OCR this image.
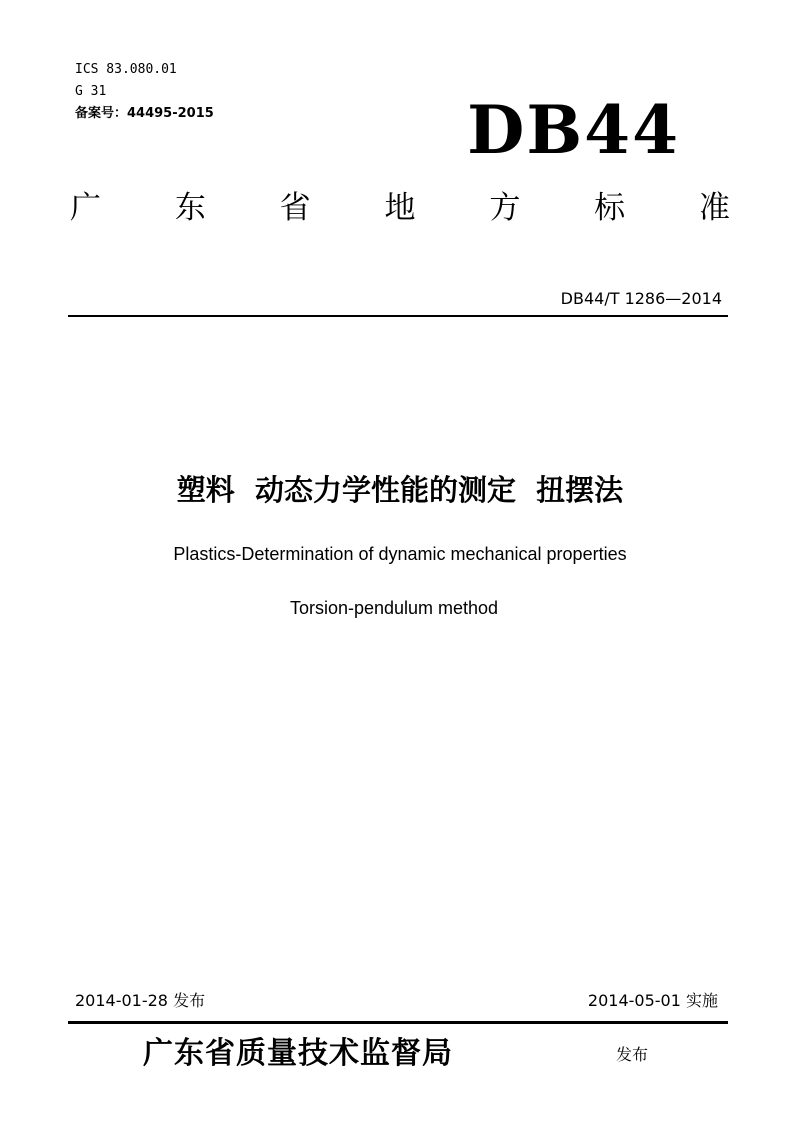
ICS 83.080.01
G 31
备案号：44495-2015	DB44
广 东 省 地 方 标 准
DB44/T 1286—2014
塑料  动态力学性能的测定  扭摆法
Plastics-Determination of dynamic mechanical properties
Torsion-pendulum method
2014-01-28 发布	2014-05-01 实施
广东省质量技术监督局	发布
